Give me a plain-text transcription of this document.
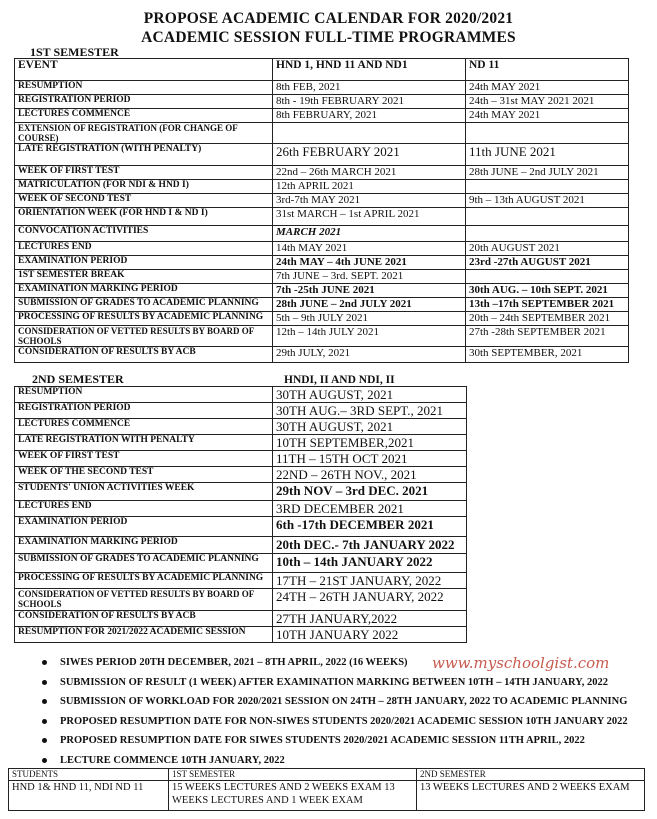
PROPOSE ACADEMIC CALENDAR FOR 2020/2021
ACADEMIC SESSION FULL-TIME PROGRAMMES
1ST SEMESTER
EVENT	HND 1, HND 11 AND ND1	ND 11
RESUMPTION	8th FEB, 2021	24th MAY 2021
REGISTRATION PERIOD	8th - 19th FEBRUARY 2021	24th – 31st MAY 2021 2021
LECTURES COMMENCE	8th FEBRUARY, 2021	24th MAY 2021
EXTENSION OF REGISTRATION (FOR CHANGE OF COURSE)		
LATE REGISTRATION (WITH PENALTY)	26th FEBRUARY 2021	11th JUNE 2021
WEEK OF FIRST TEST	22nd – 26th MARCH 2021	28th JUNE – 2nd JULY 2021
MATRICULATION (FOR NDI & HND I)	12th APRIL 2021	
WEEK OF SECOND TEST	3rd-7th MAY 2021	9th – 13th AUGUST 2021
ORIENTATION WEEK (FOR HND I & ND I)	31st MARCH – 1st APRIL 2021	
CONVOCATION ACTIVITIES	MARCH 2021	
LECTURES END	14th MAY 2021	20th AUGUST 2021
EXAMINATION PERIOD	24th MAY – 4th JUNE 2021	23rd -27th AUGUST 2021
1ST SEMESTER BREAK	7th JUNE – 3rd. SEPT. 2021	
EXAMINATION MARKING PERIOD	7th -25th JUNE 2021	30th AUG. – 10th SEPT. 2021
SUBMISSION OF GRADES TO ACADEMIC PLANNING	28th JUNE – 2nd JULY 2021	13th –17th SEPTEMBER 2021
PROCESSING OF RESULTS BY ACADEMIC PLANNING	5th – 9th JULY 2021	20th – 24th SEPTEMBER 2021
CONSIDERATION OF VETTED RESULTS BY BOARD OF SCHOOLS	12th – 14th JULY 2021	27th -28th SEPTEMBER 2021
CONSIDERATION OF RESULTS BY ACB	29th JULY, 2021	30th SEPTEMBER, 2021
2ND SEMESTER	HNDI, II AND NDI, II
RESUMPTION	30TH AUGUST, 2021
REGISTRATION PERIOD	30TH AUG.– 3RD SEPT., 2021
LECTURES COMMENCE	30TH AUGUST, 2021
LATE REGISTRATION WITH PENALTY	10TH SEPTEMBER,2021
WEEK OF FIRST TEST	11TH – 15TH OCT 2021
WEEK OF THE SECOND TEST	22ND – 26TH NOV., 2021
STUDENTS' UNION ACTIVITIES WEEK	29th NOV – 3rd DEC. 2021
LECTURES END	3RD DECEMBER 2021
EXAMINATION PERIOD	6th -17th DECEMBER 2021
EXAMINATION MARKING PERIOD	20th DEC.- 7th JANUARY 2022
SUBMISSION OF GRADES TO ACADEMIC PLANNING	10th – 14th JANUARY 2022
PROCESSING OF RESULTS BY ACADEMIC PLANNING	17TH – 21ST JANUARY, 2022
CONSIDERATION OF VETTED RESULTS BY BOARD OF SCHOOLS	24TH – 26TH JANUARY, 2022
CONSIDERATION OF RESULTS BY ACB	27TH JANUARY,2022
RESUMPTION FOR 2021/2022 ACADEMIC SESSION	10TH JANUARY 2022
www.myschoolgist.com
SIWES PERIOD 20TH DECEMBER, 2021 – 8TH APRIL, 2022 (16 WEEKS)
SUBMISSION OF RESULT (1 WEEK) AFTER EXAMINATION MARKING BETWEEN 10TH – 14TH JANUARY, 2022
SUBMISSION OF WORKLOAD FOR 2020/2021 SESSION ON 24TH – 28TH JANUARY, 2022 TO ACADEMIC PLANNING
PROPOSED RESUMPTION DATE FOR NON-SIWES STUDENTS 2020/2021 ACADEMIC SESSION 10TH JANUARY 2022
PROPOSED RESUMPTION DATE FOR SIWES STUDENTS 2020/2021 ACADEMIC SESSION 11TH APRIL, 2022
LECTURE COMMENCE 10TH JANUARY, 2022
STUDENTS	1ST SEMESTER	2ND SEMESTER
HND 1& HND 11, NDI ND 11	15 WEEKS LECTURES AND 2 WEEKS EXAM 13 WEEKS LECTURES AND 1 WEEK EXAM	13 WEEKS LECTURES AND 2 WEEKS EXAM
